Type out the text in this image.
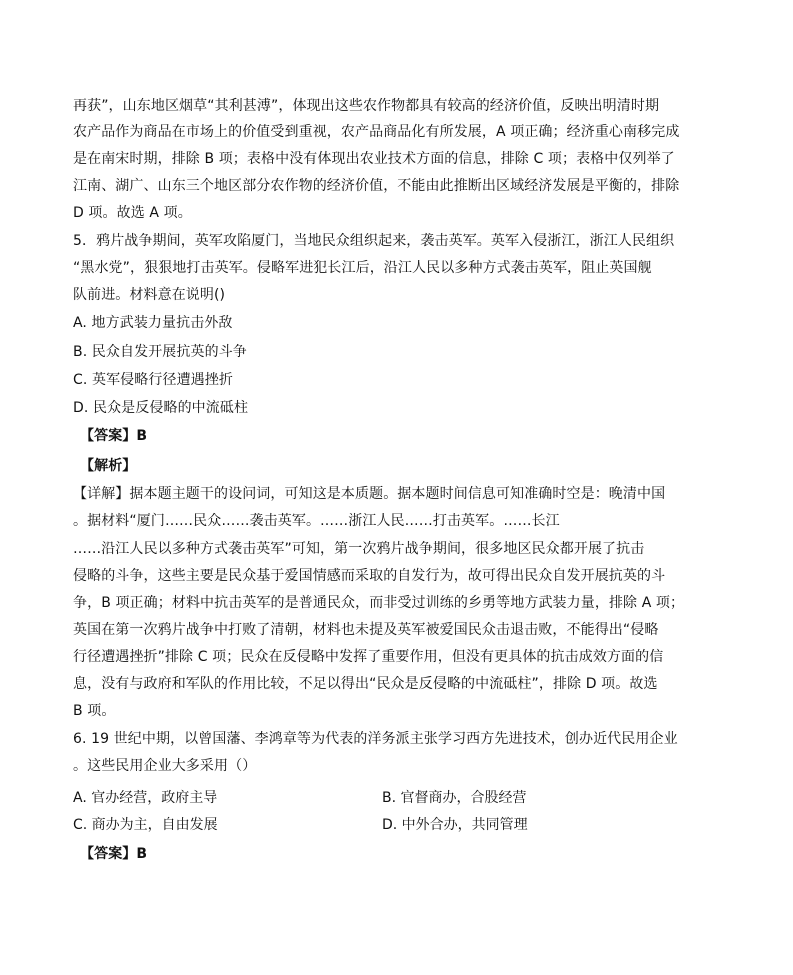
再获”，山东地区烟草“其利甚溥”，体现出这些农作物都具有较高的经济价值，反映出明清时期
农产品作为商品在市场上的价值受到重视，农产品商品化有所发展，A 项正确；经济重心南移完成
是在南宋时期，排除 B 项；表格中没有体现出农业技术方面的信息，排除 C 项；表格中仅列举了
江南、湖广、山东三个地区部分农作物的经济价值，不能由此推断出区域经济发展是平衡的，排除
D 项。故选 A 项。
5．鸦片战争期间，英军攻陷厦门，当地民众组织起来，袭击英军。英军入侵浙江，浙江人民组织
“黑水党”，狠狠地打击英军。侵略军进犯长江后，沿江人民以多种方式袭击英军，阻止英国舰
队前进。材料意在说明()
A. 地方武装力量抗击外敌
B. 民众自发开展抗英的斗争
C. 英军侵略行径遭遇挫折
D. 民众是反侵略的中流砥柱
【答案】B
【解析】
【详解】据本题主题干的设问词，可知这是本质题。据本题时间信息可知准确时空是：晚清中国
。据材料“厦门……民众……袭击英军。……浙江人民……打击英军。……长江
……沿江人民以多种方式袭击英军”可知，第一次鸦片战争期间，很多地区民众都开展了抗击
侵略的斗争，这些主要是民众基于爱国情感而采取的自发行为，故可得出民众自发开展抗英的斗
争，B 项正确；材料中抗击英军的是普通民众，而非受过训练的乡勇等地方武装力量，排除 A 项；
英国在第一次鸦片战争中打败了清朝，材料也未提及英军被爱国民众击退击败，不能得出“侵略
行径遭遇挫折”排除 C 项；民众在反侵略中发挥了重要作用，但没有更具体的抗击成效方面的信
息，没有与政府和军队的作用比较，不足以得出“民众是反侵略的中流砥柱”，排除 D 项。故选
B 项。
6. 19 世纪中期，以曾国藩、李鸿章等为代表的洋务派主张学习西方先进技术，创办近代民用企业
。这些民用企业大多采用（）
A. 官办经营，政府主导	B. 官督商办，合股经营
C. 商办为主，自由发展	D. 中外合办，共同管理
【答案】B
